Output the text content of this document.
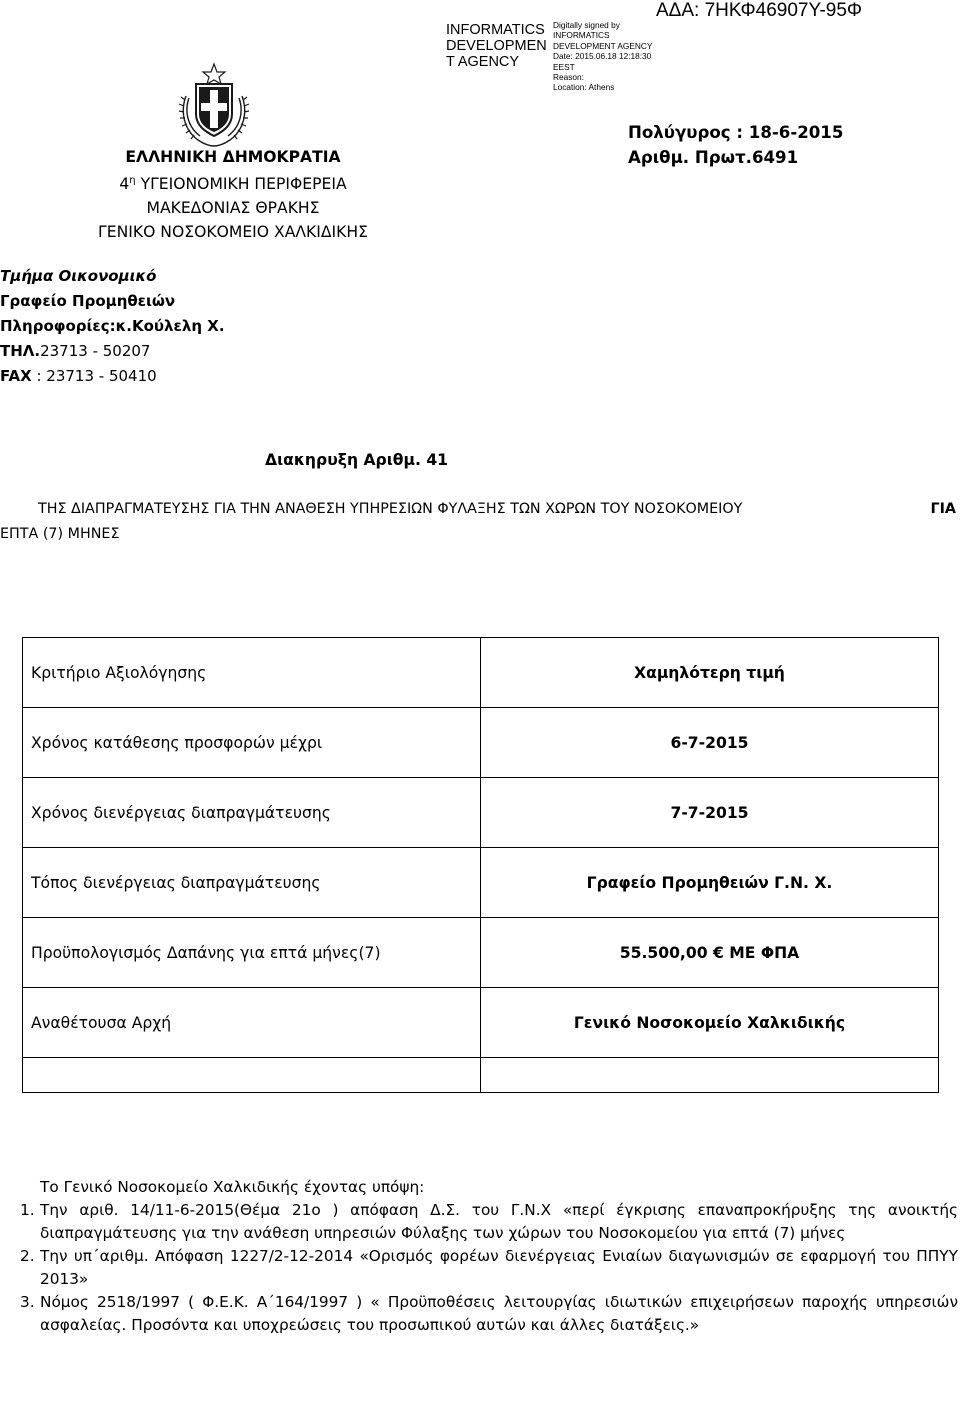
INFORMATICS DEVELOPMEN T AGENCY
Digitally signed by
INFORMATICS
DEVELOPMENT AGENCY
Date: 2015.06.18 12:18:30
EEST
Reason:
Location: Athens
ΑΔΑ: 7ΗΚΦ46907Υ-95Φ
ΕΛΛΗΝΙΚΗ ΔΗΜΟΚΡΑΤΙΑ
$4^\eta$ ΥΓΕΙΟΝΟΜΙΚΗ ΠΕΡΙΦΕΡΕΙΑ
ΜΑΚΕΔΟΝΙΑΣ ΘΡΑΚΗΣ
ΓΕΝΙΚΟ ΝΟΣΟΚΟΜΕΙΟ ΧΑΛΚΙΔΙΚΗΣ
Πολύγυρος : 18-6-2015
Αριθμ. Πρωτ.6491
Τμήμα Οικονομικό
Γραφείο Προμηθειών
Πληροφορίες:κ.Κούλελη Χ.
ΤΗΛ.23713 - 50207
FAX : 23713 - 50410
Διακηρυξη Αριθμ. 41
ΤΗΣ ΔΙΑΠΡΑΓΜΑΤΕΥΣΗΣ ΓΙΑ ΤΗΝ ΑΝΑΘΕΣΗ ΥΠΗΡΕΣΙΩΝ ΦΥΛΑΞΗΣ ΤΩΝ ΧΩΡΩΝ ΤΟΥ ΝΟΣΟΚΟΜΕΙΟΥ	ΓΙΑ
ΕΠΤΑ (7) ΜΗΝΕΣ
Κριτήριο Αξιολόγησης	Χαμηλότερη τιμή
Χρόνος κατάθεσης προσφορών μέχρι	6-7-2015
Χρόνος διενέργειας διαπραγμάτευσης	7-7-2015
Τόπος διενέργειας διαπραγμάτευσης	Γραφείο Προμηθειών Γ.Ν. Χ.
Προϋπολογισμός Δαπάνης για επτά μήνες(7)	55.500,00 € ΜΕ ΦΠΑ
Αναθέτουσα Αρχή	Γενικό Νοσοκομείο Χαλκιδικής

Το Γενικό Νοσοκομείο Χαλκιδικής έχοντας υπόψη:
1. Την αριθ. 14/11-6-2015(Θέμα 21ο ) απόφαση Δ.Σ. του Γ.Ν.Χ «περί έγκρισης επαναπροκήρυξης της ανοικτής διαπραγμάτευσης για την ανάθεση υπηρεσιών Φύλαξης των χώρων του Νοσοκομείου για επτά (7) μήνες
2. Την υπ΄αριθμ. Απόφαση 1227/2-12-2014 «Ορισμός φορέων διενέργειας Ενιαίων διαγωνισμών σε εφαρμογή του ΠΠΥΥ 2013»
3. Νόμος 2518/1997 ( Φ.Ε.Κ. Α΄164/1997 ) « Προϋποθέσεις λειτουργίας ιδιωτικών επιχειρήσεων παροχής υπηρεσιών ασφαλείας. Προσόντα και υποχρεώσεις του προσωπικού αυτών και άλλες διατάξεις.»
